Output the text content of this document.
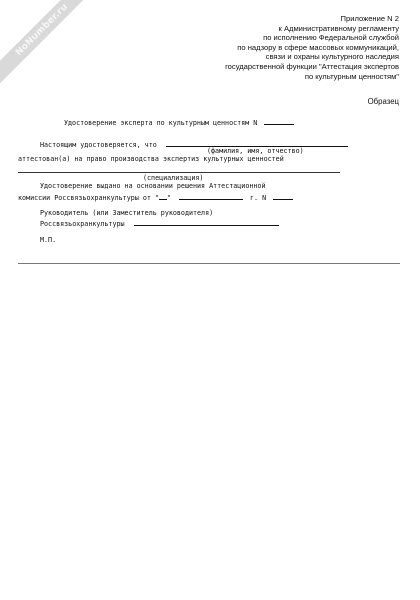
NoNumber.ru	Приложение N 2
к Административному регламенту
по исполнению Федеральной службой
по надзору в сфере массовых коммуникаций,
связи и охраны культурного наследия
государственной функции "Аттестация экспертов
по культурным ценностям"
Образец
Удостоверение эксперта по культурным ценностям N
Настоящим удостоверяется, что
(фамилия, имя, отчество)
аттестован(а) на право производства экспертиз культурных ценностей
(специализация)
Удостоверение выдано на основании решения Аттестационной
комиссии Россвязьохранкультуры от " "	г. N
Руководитель (или Заместитель руководителя)
Россвязьохранкультуры
М.П.
